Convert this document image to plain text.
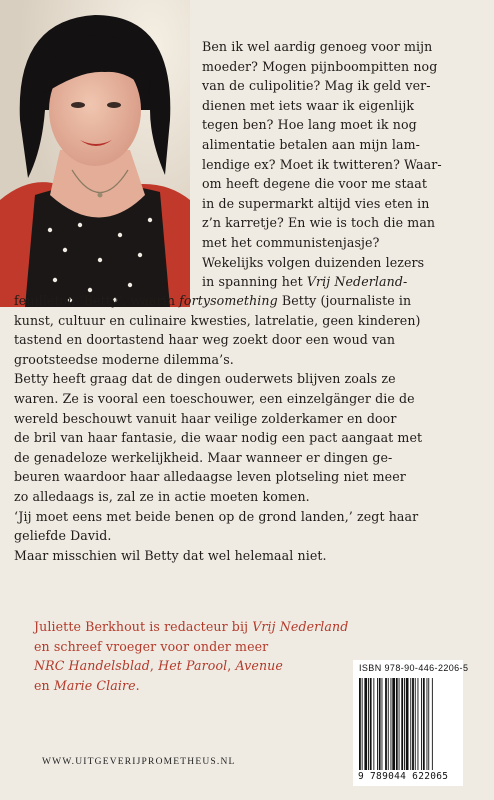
Ben ik wel aardig genoeg voor mijn
moeder? Mogen pijnboompitten nog
van de culipolitie? Mag ik geld ver-
dienen met iets waar ik eigenlijk
tegen ben? Hoe lang moet ik nog
alimentatie betalen aan mijn lam-
lendige ex? Moet ik twitteren? Waar-
om heeft degene die voor me staat
in de supermarkt altijd vies eten in
z’n karretje? En wie is toch die man
met het communistenjasje?
Wekelijks volgen duizenden lezers
in spanning het Vrij Nederland-
feuilleton ‘Betty’, waarin fortysomething Betty (journaliste in
kunst, cultuur en culinaire kwesties, latrelatie, geen kinderen)
tastend en doortastend haar weg zoekt door een woud van
grootsteedse moderne dilemma’s.
Betty heeft graag dat de dingen ouderwets blijven zoals ze
waren. Ze is vooral een toeschouwer, een einzelgänger die de
wereld beschouwt vanuit haar veilige zolderkamer en door
de bril van haar fantasie, die waar nodig een pact aangaat met
de genadeloze werkelijkheid. Maar wanneer er dingen ge-
beuren waardoor haar alledaagse leven plotseling niet meer
zo alledaags is, zal ze in actie moeten komen.
‘Jij moet eens met beide benen op de grond landen,’ zegt haar
geliefde David.
Maar misschien wil Betty dat wel helemaal niet.
Juliette Berkhout is redacteur bij Vrij Nederland
en schreef vroeger voor onder meer
NRC Handelsblad, Het Parool, Avenue
en Marie Claire.
ISBN 978-90-446-2206-5
9 789044 622065
WWW.UITGEVERIJPROMETHEUS.NL
